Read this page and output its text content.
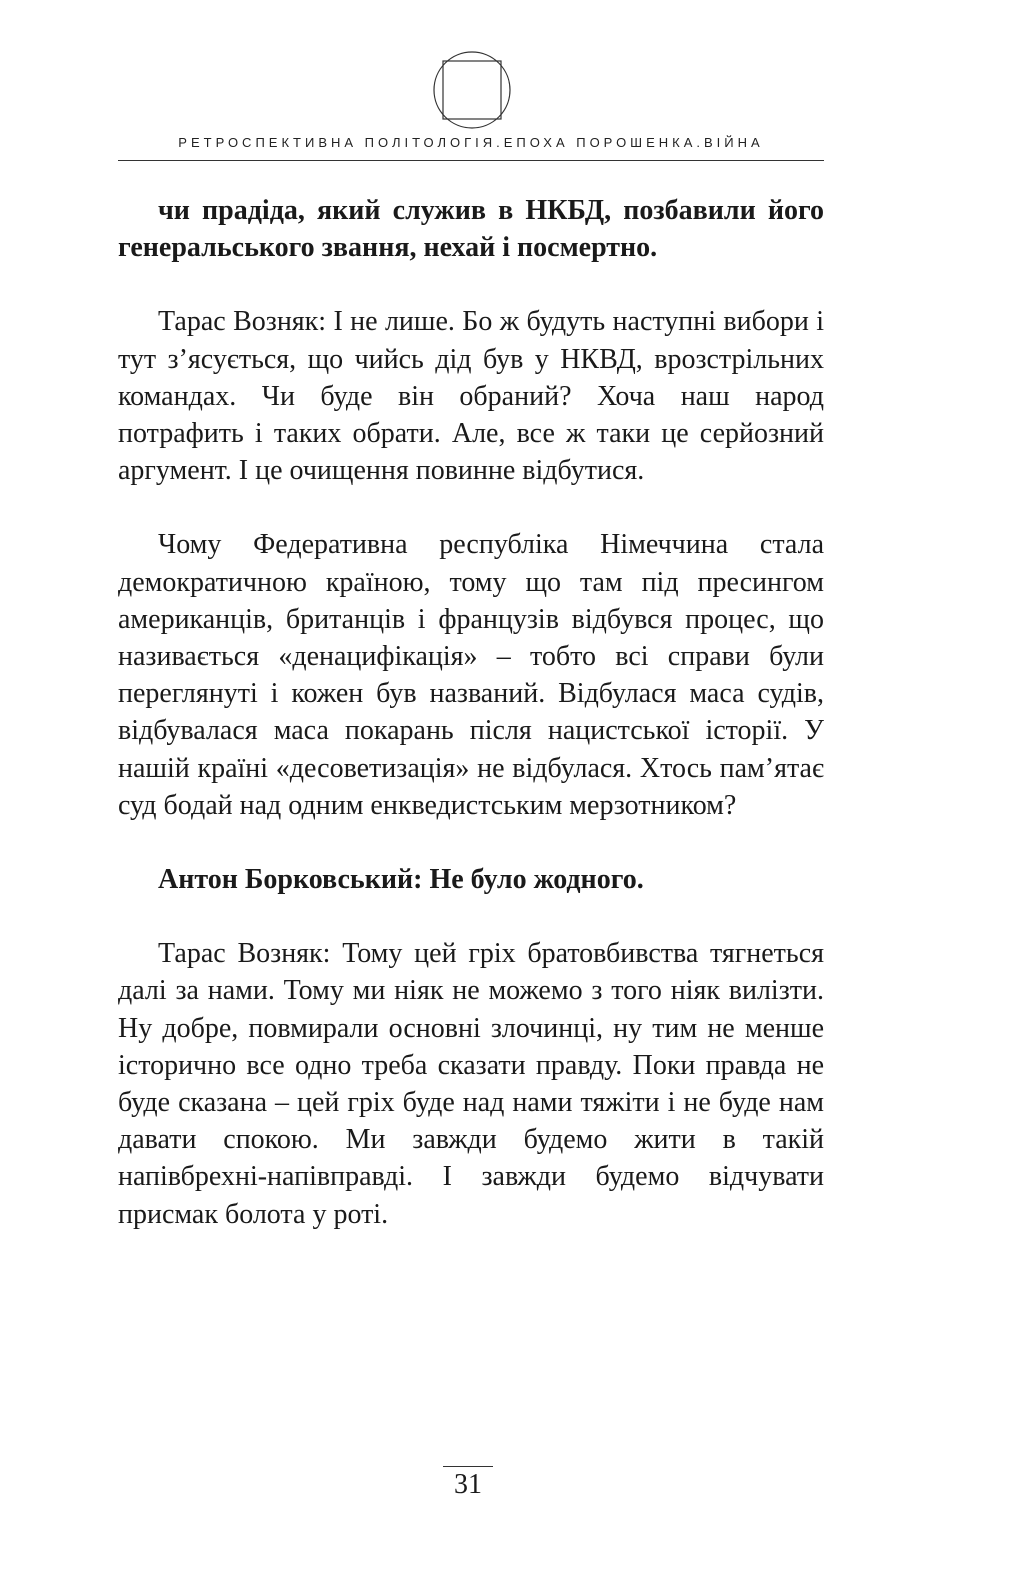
РЕТРОСПЕКТИВНА ПОЛІТОЛОГІЯ.ЕПОХА ПОРОШЕНКА.ВІЙНА

чи прадіда, який служив в НКБД, позбавили його генеральського звання, нехай і посмертно.

Тарас Возняк: І не лише. Бо ж будуть наступні вибори і тут з’ясується, що чийсь дід був у НКВД, врозстрільних командах. Чи буде він обраний? Хоча наш народ потрафить і таких обрати. Але, все ж таки це серйозний аргумент. І це очищення повинне відбутися.

Чому Федеративна республіка Німеччина стала демократичною країною, тому що там під пресингом американців, британців і французів відбувся процес, що називається «денацифікація» – тобто всі справи були переглянуті і кожен був названий. Відбулася маса судів, відбувалася маса покарань після нацистської історії. У нашій країні «десоветизація» не відбулася. Хтось пам’ятає суд бодай над одним енкведистським мерзотником?

Антон Борковський: Не було жодного.

Тарас Возняк: Тому цей гріх братовбивства тягнеться далі за нами. Тому ми ніяк не можемо з того ніяк вилізти. Ну добре, повмирали основні злочинці, ну тим не менше історично все одно треба сказати правду. Поки правда не буде сказана – цей гріх буде над нами тяжіти і не буде нам давати спокою. Ми завжди будемо жити в такій напівбрехні-напівправді. І завжди будемо відчувати присмак болота у роті.

31
